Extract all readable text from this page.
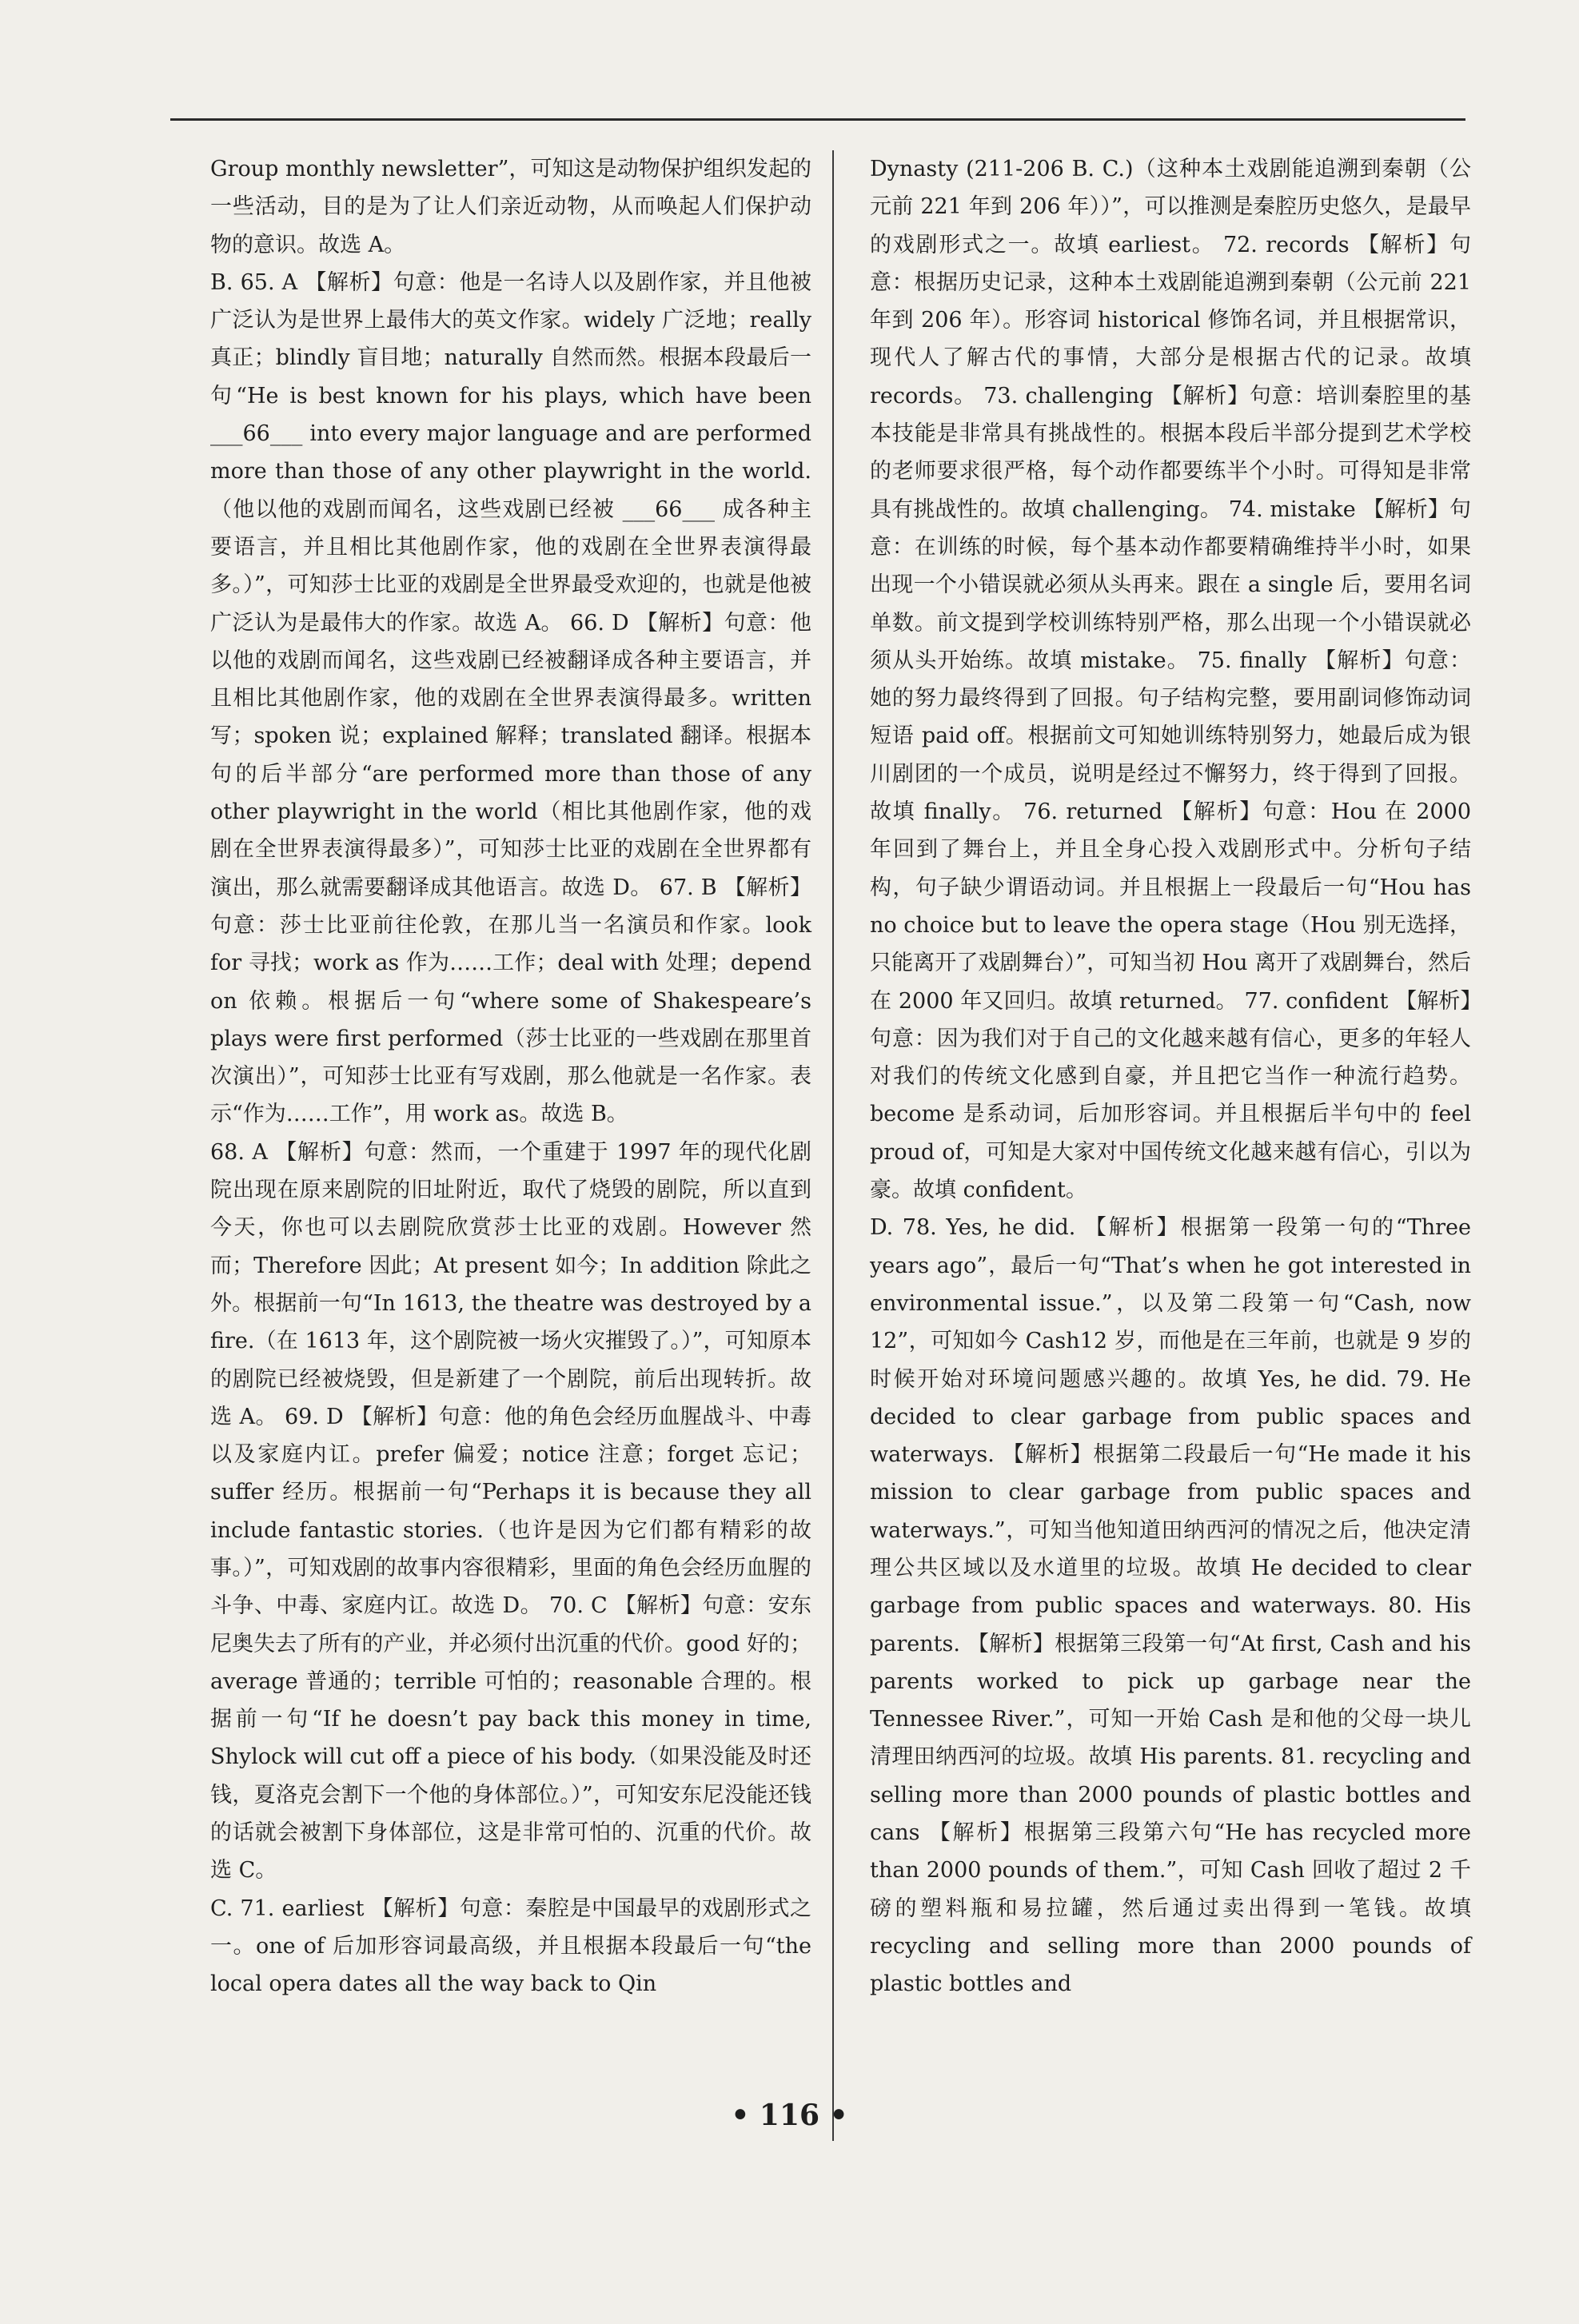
Group monthly newsletter”，可知这是动物保护组织发起的一些活动，目的是为了让人们亲近动物，从而唤起人们保护动物的意识。故选 A。

B. 65. A 【解析】句意：他是一名诗人以及剧作家，并且他被广泛认为是世界上最伟大的英文作家。widely 广泛地；really 真正；blindly 盲目地；naturally 自然而然。根据本段最后一句“He is best known for his plays, which have been ___66___ into every major language and are performed more than those of any other playwright in the world.（他以他的戏剧而闻名，这些戏剧已经被 ___66___ 成各种主要语言，并且相比其他剧作家，他的戏剧在全世界表演得最多。）”，可知莎士比亚的戏剧是全世界最受欢迎的，也就是他被广泛认为是最伟大的作家。故选 A。 66. D 【解析】句意：他以他的戏剧而闻名，这些戏剧已经被翻译成各种主要语言，并且相比其他剧作家，他的戏剧在全世界表演得最多。written 写；spoken 说；explained 解释；translated 翻译。根据本句的后半部分“are performed more than those of any other playwright in the world（相比其他剧作家，他的戏剧在全世界表演得最多）”，可知莎士比亚的戏剧在全世界都有演出，那么就需要翻译成其他语言。故选 D。 67. B 【解析】句意：莎士比亚前往伦敦，在那儿当一名演员和作家。look for 寻找；work as 作为……工作；deal with 处理；depend on 依赖。根据后一句“where some of Shakespeare’s plays were first performed（莎士比亚的一些戏剧在那里首次演出）”，可知莎士比亚有写戏剧，那么他就是一名作家。表示“作为……工作”，用 work as。故选 B。

68. A 【解析】句意：然而，一个重建于 1997 年的现代化剧院出现在原来剧院的旧址附近，取代了烧毁的剧院，所以直到今天，你也可以去剧院欣赏莎士比亚的戏剧。However 然而；Therefore 因此；At present 如今；In addition 除此之外。根据前一句“In 1613, the theatre was destroyed by a fire.（在 1613 年，这个剧院被一场火灾摧毁了。）”，可知原本的剧院已经被烧毁，但是新建了一个剧院，前后出现转折。故选 A。 69. D 【解析】句意：他的角色会经历血腥战斗、中毒以及家庭内讧。prefer 偏爱；notice 注意；forget 忘记；suffer 经历。根据前一句“Perhaps it is because they all include fantastic stories.（也许是因为它们都有精彩的故事。）”，可知戏剧的故事内容很精彩，里面的角色会经历血腥的斗争、中毒、家庭内讧。故选 D。 70. C 【解析】句意：安东尼奥失去了所有的产业，并必须付出沉重的代价。good 好的；average 普通的；terrible 可怕的；reasonable 合理的。根据前一句“If he doesn’t pay back this money in time, Shylock will cut off a piece of his body.（如果没能及时还钱，夏洛克会割下一个他的身体部位。）”，可知安东尼没能还钱的话就会被割下身体部位，这是非常可怕的、沉重的代价。故选 C。

C. 71. earliest 【解析】句意：秦腔是中国最早的戏剧形式之一。one of 后加形容词最高级，并且根据本段最后一句“the local opera dates all the way back to Qin

Dynasty (211-206 B. C.)（这种本土戏剧能追溯到秦朝（公元前 221 年到 206 年））”，可以推测是秦腔历史悠久，是最早的戏剧形式之一。故填 earliest。 72. records 【解析】句意：根据历史记录，这种本土戏剧能追溯到秦朝（公元前 221 年到 206 年）。形容词 historical 修饰名词，并且根据常识，现代人了解古代的事情，大部分是根据古代的记录。故填 records。 73. challenging 【解析】句意：培训秦腔里的基本技能是非常具有挑战性的。根据本段后半部分提到艺术学校的老师要求很严格，每个动作都要练半个小时。可得知是非常具有挑战性的。故填 challenging。 74. mistake 【解析】句意：在训练的时候，每个基本动作都要精确维持半小时，如果出现一个小错误就必须从头再来。跟在 a single 后，要用名词单数。前文提到学校训练特别严格，那么出现一个小错误就必须从头开始练。故填 mistake。 75. finally 【解析】句意：她的努力最终得到了回报。句子结构完整，要用副词修饰动词短语 paid off。根据前文可知她训练特别努力，她最后成为银川剧团的一个成员，说明是经过不懈努力，终于得到了回报。故填 finally。 76. returned 【解析】句意：Hou 在 2000 年回到了舞台上，并且全身心投入戏剧形式中。分析句子结构，句子缺少谓语动词。并且根据上一段最后一句“Hou has no choice but to leave the opera stage（Hou 别无选择，只能离开了戏剧舞台）”，可知当初 Hou 离开了戏剧舞台，然后在 2000 年又回归。故填 returned。 77. confident 【解析】句意：因为我们对于自己的文化越来越有信心，更多的年轻人对我们的传统文化感到自豪，并且把它当作一种流行趋势。become 是系动词，后加形容词。并且根据后半句中的 feel proud of，可知是大家对中国传统文化越来越有信心，引以为豪。故填 confident。

D. 78. Yes, he did. 【解析】根据第一段第一句的“Three years ago”，最后一句“That’s when he got interested in environmental issue.”，以及第二段第一句“Cash, now 12”，可知如今 Cash12 岁，而他是在三年前，也就是 9 岁的时候开始对环境问题感兴趣的。故填 Yes, he did. 79. He decided to clear garbage from public spaces and waterways. 【解析】根据第二段最后一句“He made it his mission to clear garbage from public spaces and waterways.”，可知当他知道田纳西河的情况之后，他决定清理公共区域以及水道里的垃圾。故填 He decided to clear garbage from public spaces and waterways. 80. His parents. 【解析】根据第三段第一句“At first, Cash and his parents worked to pick up garbage near the Tennessee River.”，可知一开始 Cash 是和他的父母一块儿清理田纳西河的垃圾。故填 His parents. 81. recycling and selling more than 2000 pounds of plastic bottles and cans 【解析】根据第三段第六句“He has recycled more than 2000 pounds of them.”，可知 Cash 回收了超过 2 千磅的塑料瓶和易拉罐，然后通过卖出得到一笔钱。故填 recycling and selling more than 2000 pounds of plastic bottles and

• 116 •
